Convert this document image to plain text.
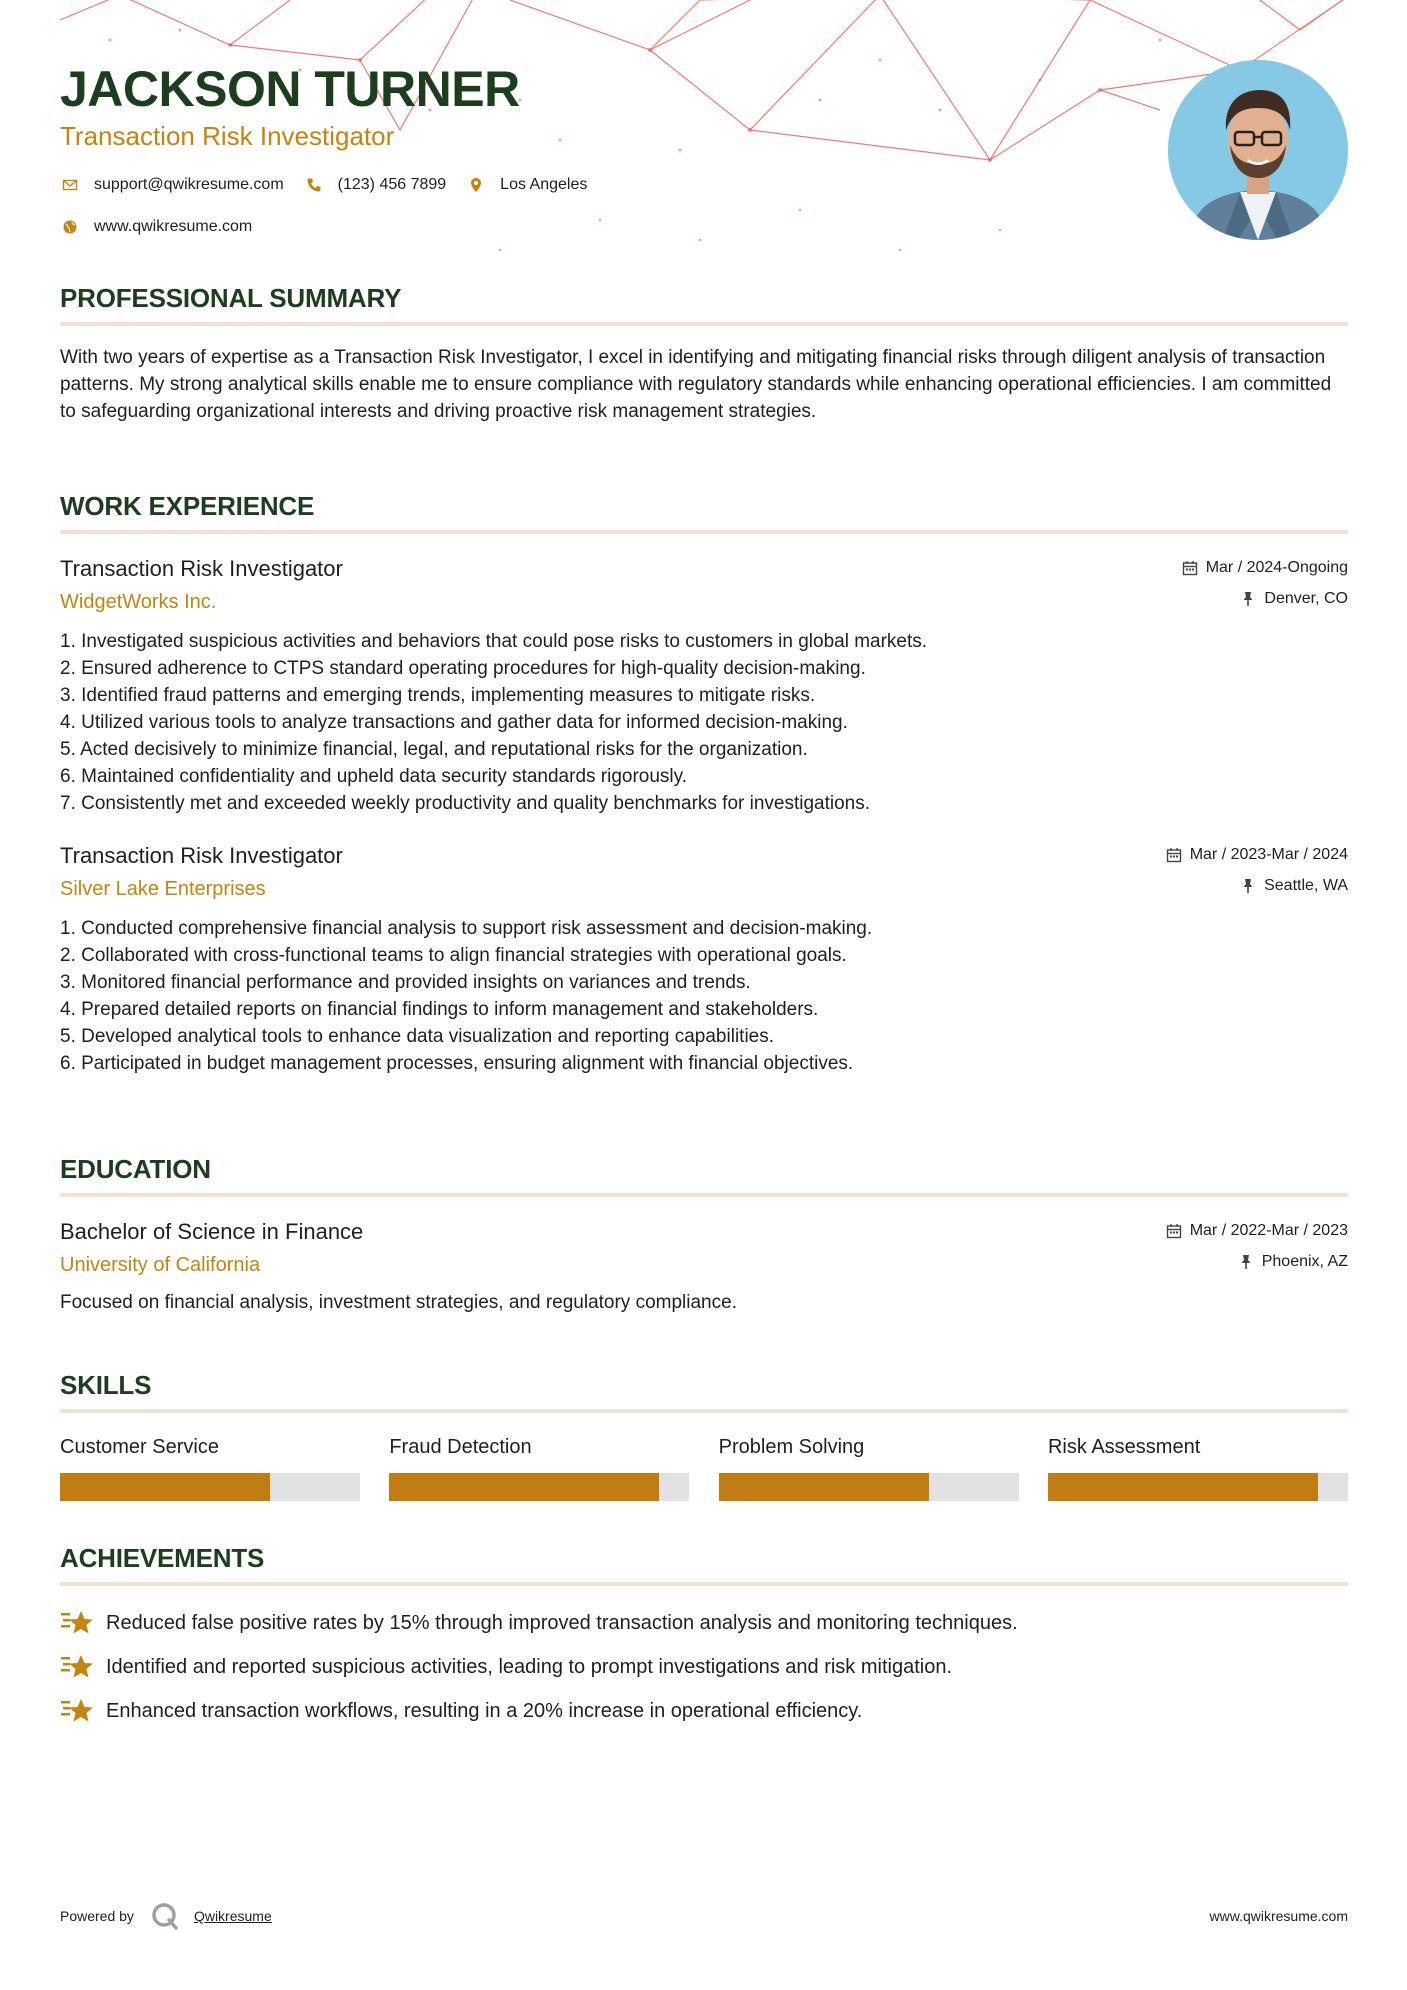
JACKSON TURNER
Transaction Risk Investigator
support@qwikresume.com	(123) 456 7899	Los Angeles
www.qwikresume.com
PROFESSIONAL SUMMARY
With two years of expertise as a Transaction Risk Investigator, I excel in identifying and mitigating financial risks through diligent analysis of transaction patterns. My strong analytical skills enable me to ensure compliance with regulatory standards while enhancing operational efficiencies. I am committed to safeguarding organizational interests and driving proactive risk management strategies.
WORK EXPERIENCE
Transaction Risk Investigator
WidgetWorks Inc.
Mar / 2024-Ongoing
Denver, CO
1. Investigated suspicious activities and behaviors that could pose risks to customers in global markets.
2. Ensured adherence to CTPS standard operating procedures for high-quality decision-making.
3. Identified fraud patterns and emerging trends, implementing measures to mitigate risks.
4. Utilized various tools to analyze transactions and gather data for informed decision-making.
5. Acted decisively to minimize financial, legal, and reputational risks for the organization.
6. Maintained confidentiality and upheld data security standards rigorously.
7. Consistently met and exceeded weekly productivity and quality benchmarks for investigations.
Transaction Risk Investigator
Silver Lake Enterprises
Mar / 2023-Mar / 2024
Seattle, WA
1. Conducted comprehensive financial analysis to support risk assessment and decision-making.
2. Collaborated with cross-functional teams to align financial strategies with operational goals.
3. Monitored financial performance and provided insights on variances and trends.
4. Prepared detailed reports on financial findings to inform management and stakeholders.
5. Developed analytical tools to enhance data visualization and reporting capabilities.
6. Participated in budget management processes, ensuring alignment with financial objectives.
EDUCATION
Bachelor of Science in Finance
University of California
Mar / 2022-Mar / 2023
Phoenix, AZ
Focused on financial analysis, investment strategies, and regulatory compliance.
SKILLS
Customer Service	Fraud Detection	Problem Solving	Risk Assessment
ACHIEVEMENTS
Reduced false positive rates by 15% through improved transaction analysis and monitoring techniques.
Identified and reported suspicious activities, leading to prompt investigations and risk mitigation.
Enhanced transaction workflows, resulting in a 20% increase in operational efficiency.
Powered by	Qwikresume	www.qwikresume.com
